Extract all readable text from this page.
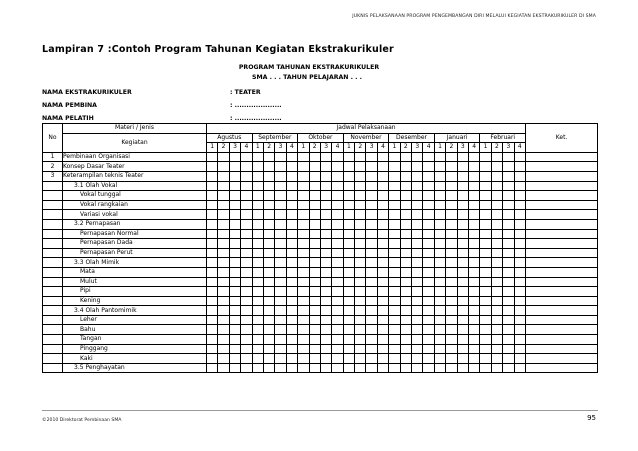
JUKNIS PELAKSANAAN PROGRAM PENGEMBANGAN DIRI MELALUI KEGIATAN EKSTRAKURIKULER DI SMA
Lampiran 7 :Contoh Program Tahunan Kegiatan Ekstrakurikuler
PROGRAM TAHUNAN EKSTRAKURIKULER
SMA . . . TAHUN PELAJARAN . . .
NAMA EKSTRAKURIKULER	: TEATER
NAMA PEMBINA	: ....................
NAMA PELATIH	: ....................
No	Materi / Jenis	Jadwal Pelaksanaan																												Ket.
	Kegiatan	Agustus				September				Oktober				November				Desember				Januari				Februari				
		1	2	3	4	1	2	3	4	1	2	3	4	1	2	3	4	1	2	3	4	1	2	3	4	1	2	3	4	
1	Pembinaan Organisasi																													
2	Konsep Dasar Teater																													
3	Keterampilan teknis Teater																													
	3.1 Olah Vokal																													
	Vokal tunggal																													
	Vokal rangkaian																													
	Variasi vokal																													
	3.2 Pernapasan																													
	Pernapasan Normal																													
	Pernapasan Dada																													
	Pernapasan Perut																													
	3.3 Olah Mimik																													
	Mata																													
	Mulut																													
	Pipi																													
	Kening																													
	3.4 Olah Pantomimik																													
	Leher																													
	Bahu																													
	Tangan																													
	Pinggang																													
	Kaki																													
	3.5 Penghayatan																													
©2010 Direktorat Pembinaan SMA	95
